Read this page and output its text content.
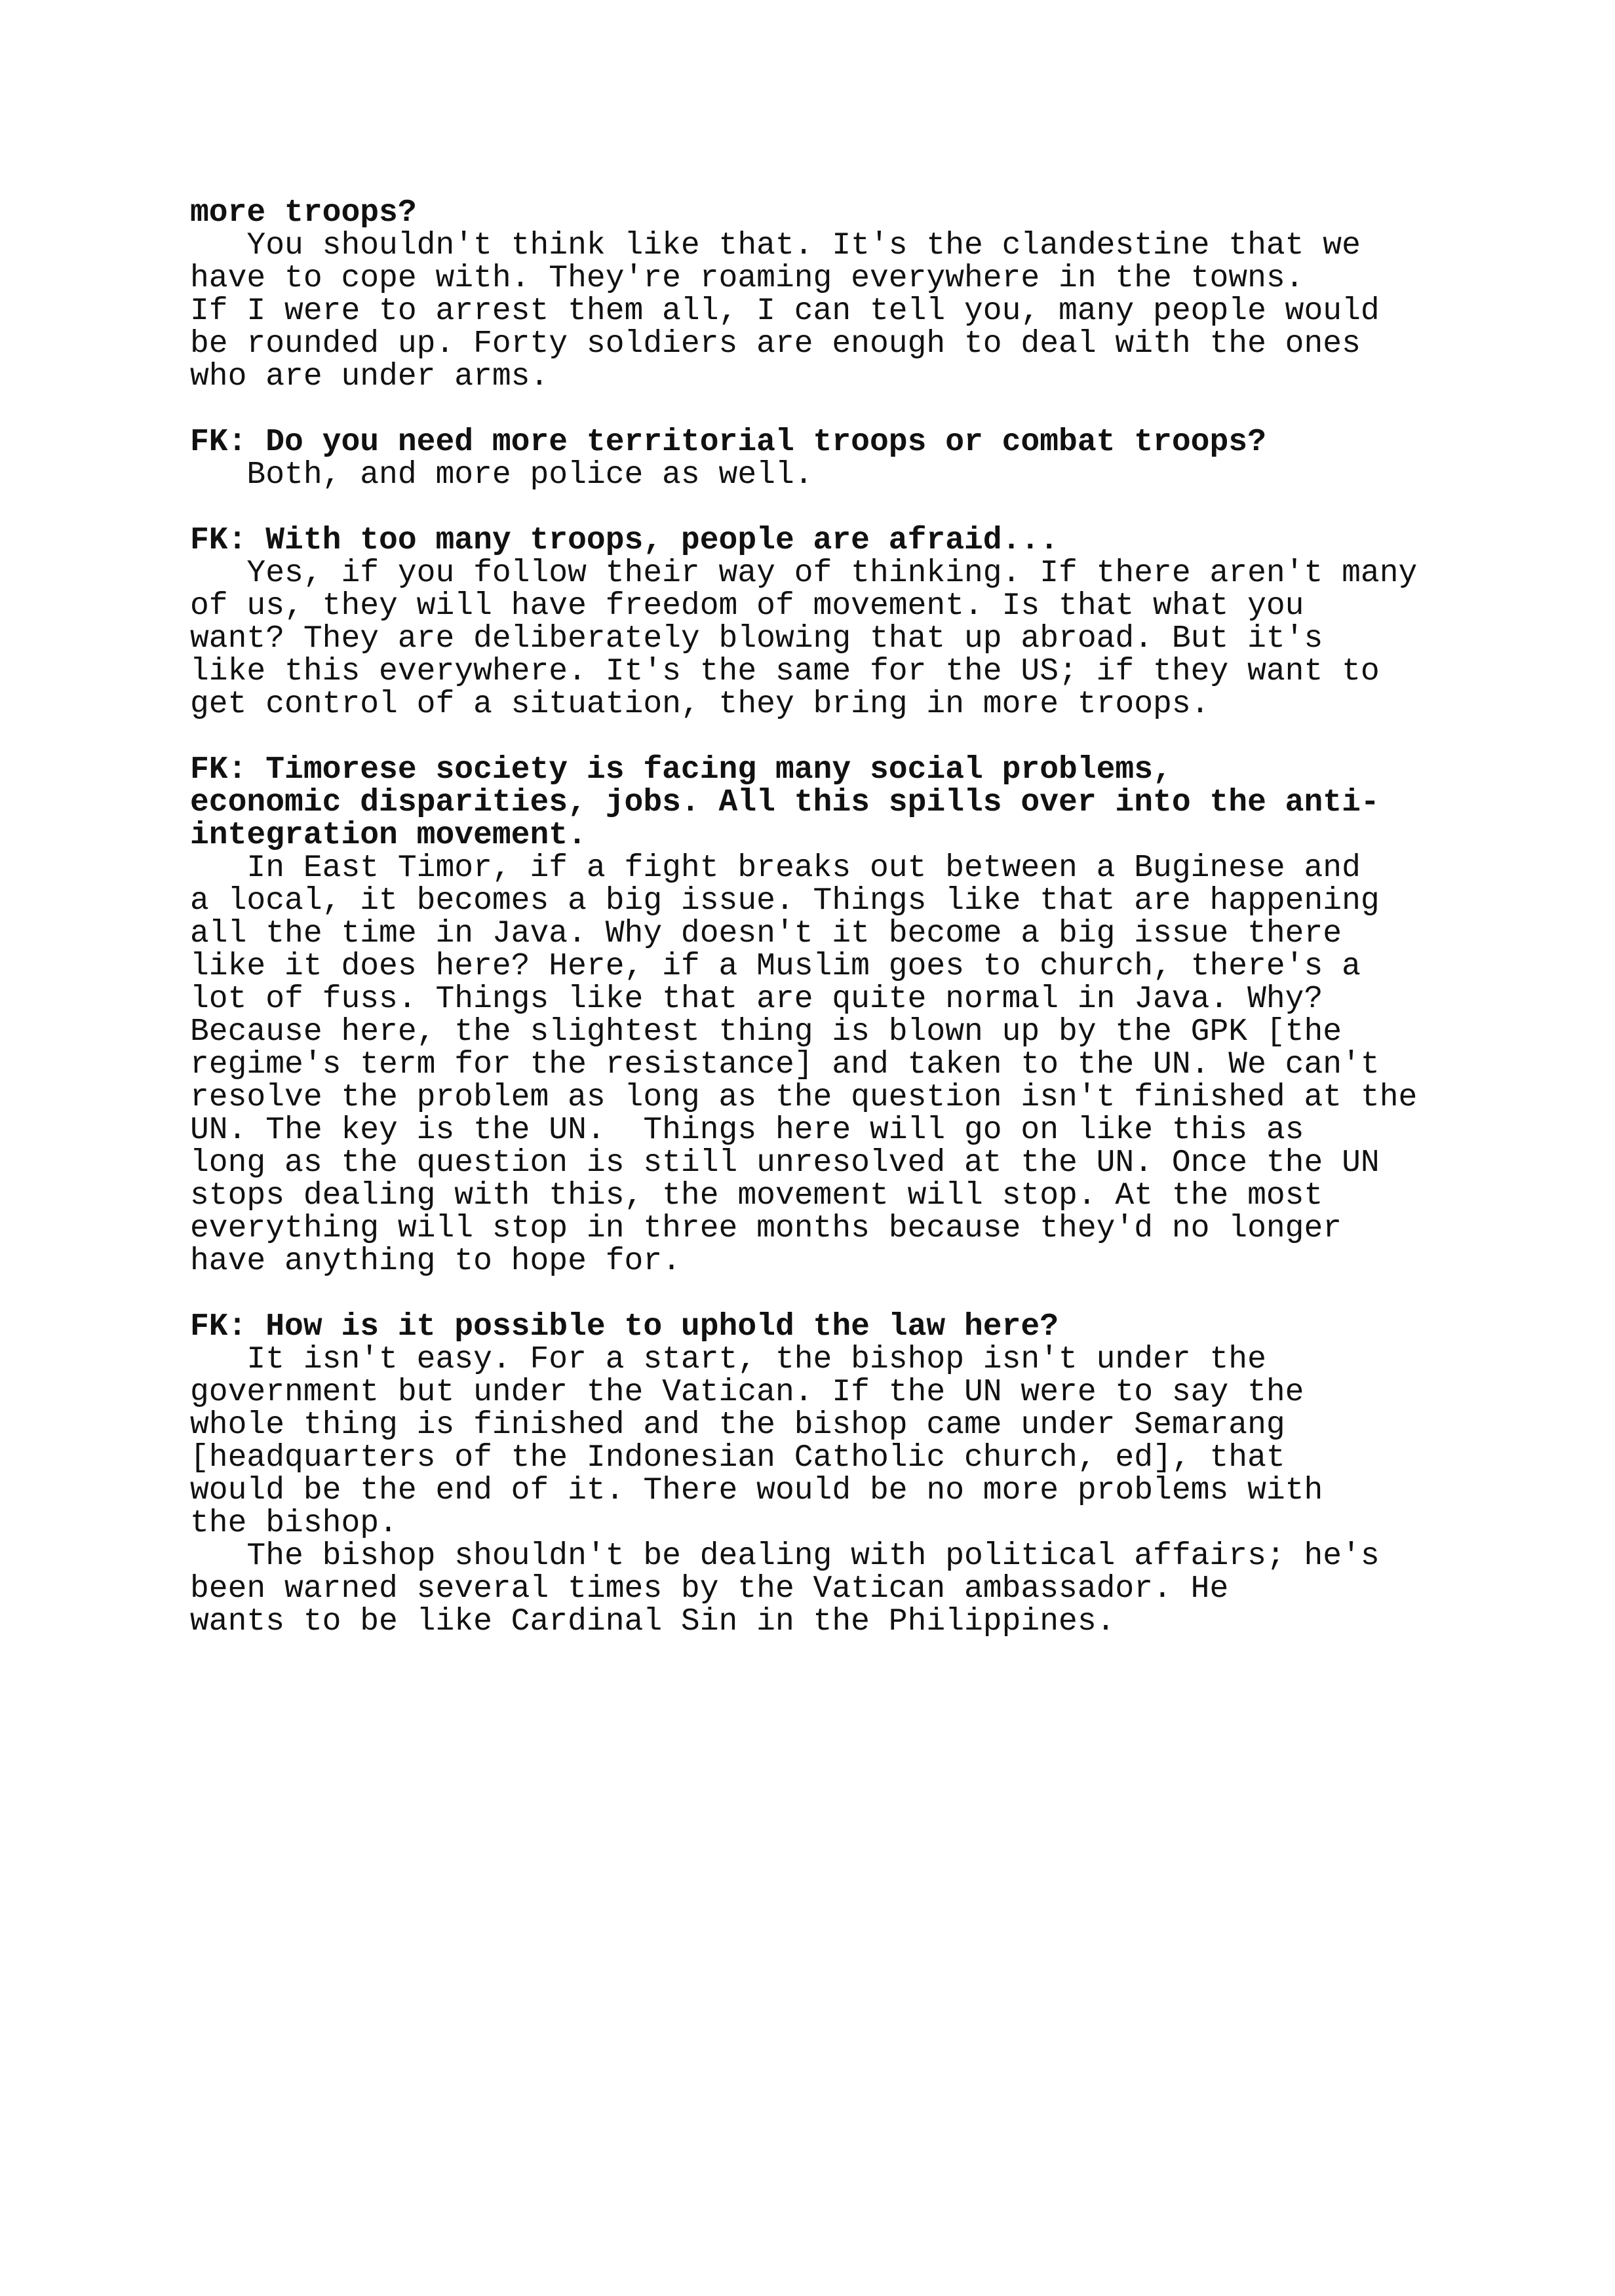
more troops?
You shouldn't think like that. It's the clandestine that we
have to cope with. They're roaming everywhere in the towns.
If I were to arrest them all, I can tell you, many people would
be rounded up. Forty soldiers are enough to deal with the ones
who are under arms.
FK: Do you need more territorial troops or combat troops?
Both, and more police as well.
FK: With too many troops, people are afraid...
Yes, if you follow their way of thinking. If there aren't many
of us, they will have freedom of movement. Is that what you
want? They are deliberately blowing that up abroad. But it's
like this everywhere. It's the same for the US; if they want to
get control of a situation, they bring in more troops.
FK: Timorese society is facing many social problems,
economic disparities, jobs. All this spills over into the anti-
integration movement.
In East Timor, if a fight breaks out between a Buginese and
a local, it becomes a big issue. Things like that are happening
all the time in Java. Why doesn't it become a big issue there
like it does here? Here, if a Muslim goes to church, there's a
lot of fuss. Things like that are quite normal in Java. Why?
Because here, the slightest thing is blown up by the GPK [the
regime's term for the resistance] and taken to the UN. We can't
resolve the problem as long as the question isn't finished at the
UN. The key is the UN.  Things here will go on like this as
long as the question is still unresolved at the UN. Once the UN
stops dealing with this, the movement will stop. At the most
everything will stop in three months because they'd no longer
have anything to hope for.
FK: How is it possible to uphold the law here?
It isn't easy. For a start, the bishop isn't under the
government but under the Vatican. If the UN were to say the
whole thing is finished and the bishop came under Semarang
[headquarters of the Indonesian Catholic church, ed], that
would be the end of it. There would be no more problems with
the bishop.
The bishop shouldn't be dealing with political affairs; he's
been warned several times by the Vatican ambassador. He
wants to be like Cardinal Sin in the Philippines.
